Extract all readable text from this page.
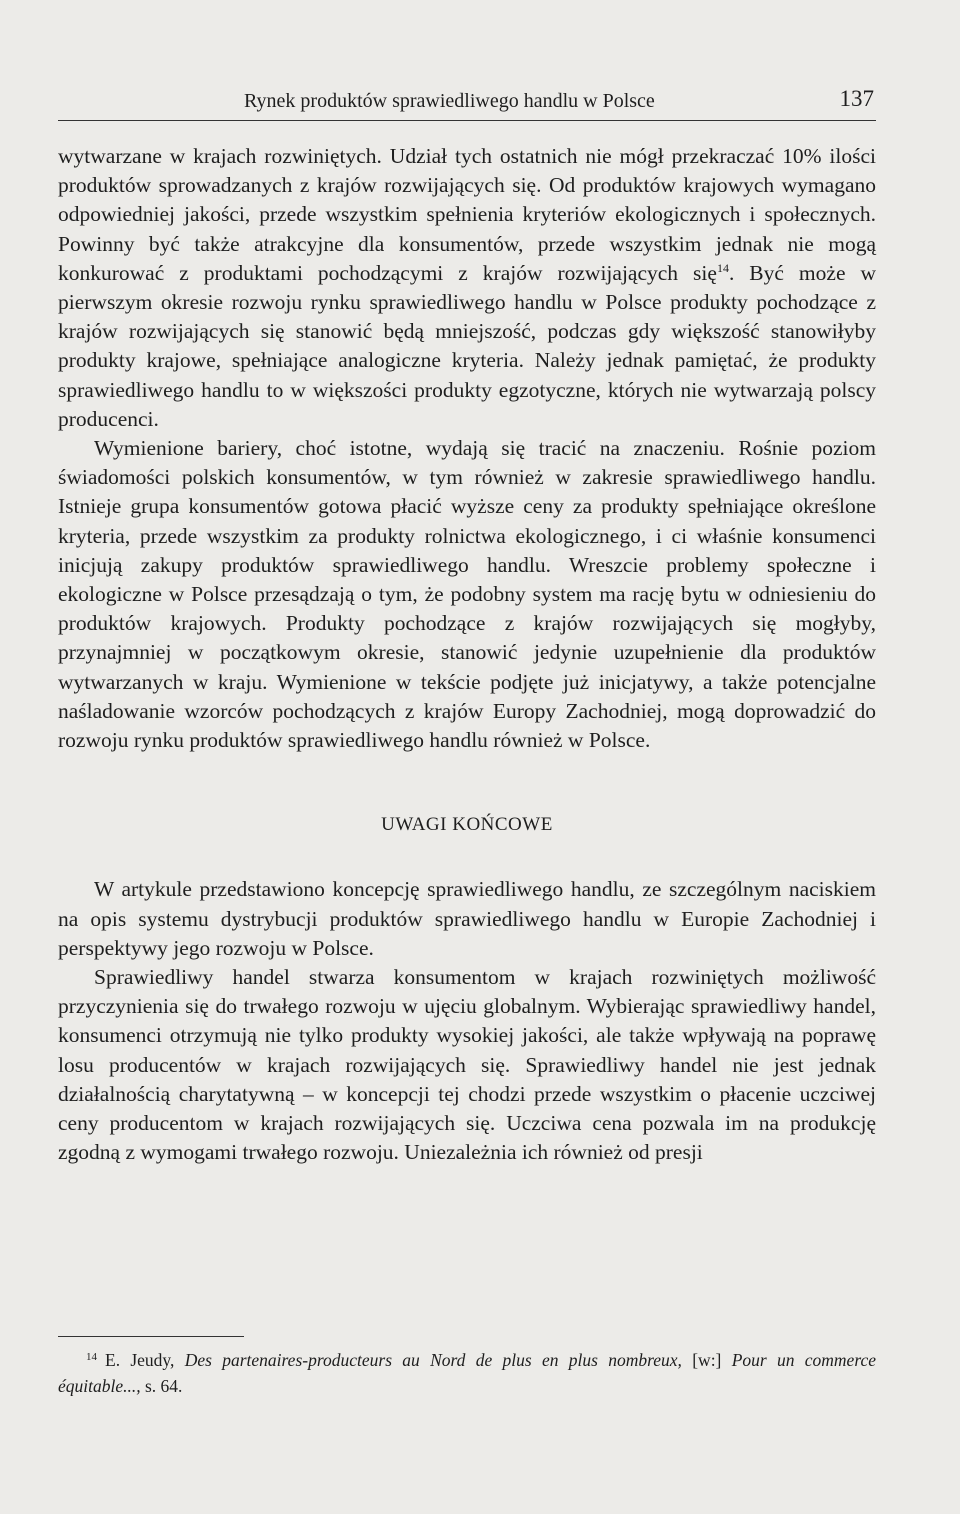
Rynek produktów sprawiedliwego handlu w Polsce	137

wytwarzane w krajach rozwiniętych. Udział tych ostatnich nie mógł przekraczać 10% ilości produktów sprowadzanych z krajów rozwijających się. Od produktów krajowych wymagano odpowiedniej jakości, przede wszystkim spełnienia kryteriów ekologicznych i społecznych. Powinny być także atrakcyjne dla konsumentów, przede wszystkim jednak nie mogą konkurować z produktami pochodzącymi z krajów rozwijających się$^{14}$. Być może w pierwszym okresie rozwoju rynku sprawiedliwego handlu w Polsce produkty pochodzące z krajów rozwijających się stanowić będą mniejszość, podczas gdy większość stanowiłyby produkty krajowe, spełniające analogiczne kryteria. Należy jednak pamiętać, że produkty sprawiedliwego handlu to w większości produkty egzotyczne, których nie wytwarzają polscy producenci.

Wymienione bariery, choć istotne, wydają się tracić na znaczeniu. Rośnie poziom świadomości polskich konsumentów, w tym również w zakresie sprawiedliwego handlu. Istnieje grupa konsumentów gotowa płacić wyższe ceny za produkty spełniające określone kryteria, przede wszystkim za produkty rolnictwa ekologicznego, i ci właśnie konsumenci inicjują zakupy produktów sprawiedliwego handlu. Wreszcie problemy społeczne i ekologiczne w Polsce przesądzają o tym, że podobny system ma rację bytu w odniesieniu do produktów krajowych. Produkty pochodzące z krajów rozwijających się mogłyby, przynajmniej w początkowym okresie, stanowić jedynie uzupełnienie dla produktów wytwarzanych w kraju. Wymienione w tekście podjęte już inicjatywy, a także potencjalne naśladowanie wzorców pochodzących z krajów Europy Zachodniej, mogą doprowadzić do rozwoju rynku produktów sprawiedliwego handlu również w Polsce.

UWAGI KOŃCOWE

W artykule przedstawiono koncepcję sprawiedliwego handlu, ze szczególnym naciskiem na opis systemu dystrybucji produktów sprawiedliwego handlu w Europie Zachodniej i perspektywy jego rozwoju w Polsce.

Sprawiedliwy handel stwarza konsumentom w krajach rozwiniętych możliwość przyczynienia się do trwałego rozwoju w ujęciu globalnym. Wybierając sprawiedliwy handel, konsumenci otrzymują nie tylko produkty wysokiej jakości, ale także wpływają na poprawę losu producentów w krajach rozwijających się. Sprawiedliwy handel nie jest jednak działalnością charytatywną – w koncepcji tej chodzi przede wszystkim o płacenie uczciwej ceny producentom w krajach rozwijających się. Uczciwa cena pozwala im na produkcję zgodną z wymogami trwałego rozwoju. Uniezależnia ich również od presji

$^{14}$ E. Jeudy, Des partenaires-producteurs au Nord de plus en plus nombreux, [w:] Pour un commerce équitable..., s. 64.
